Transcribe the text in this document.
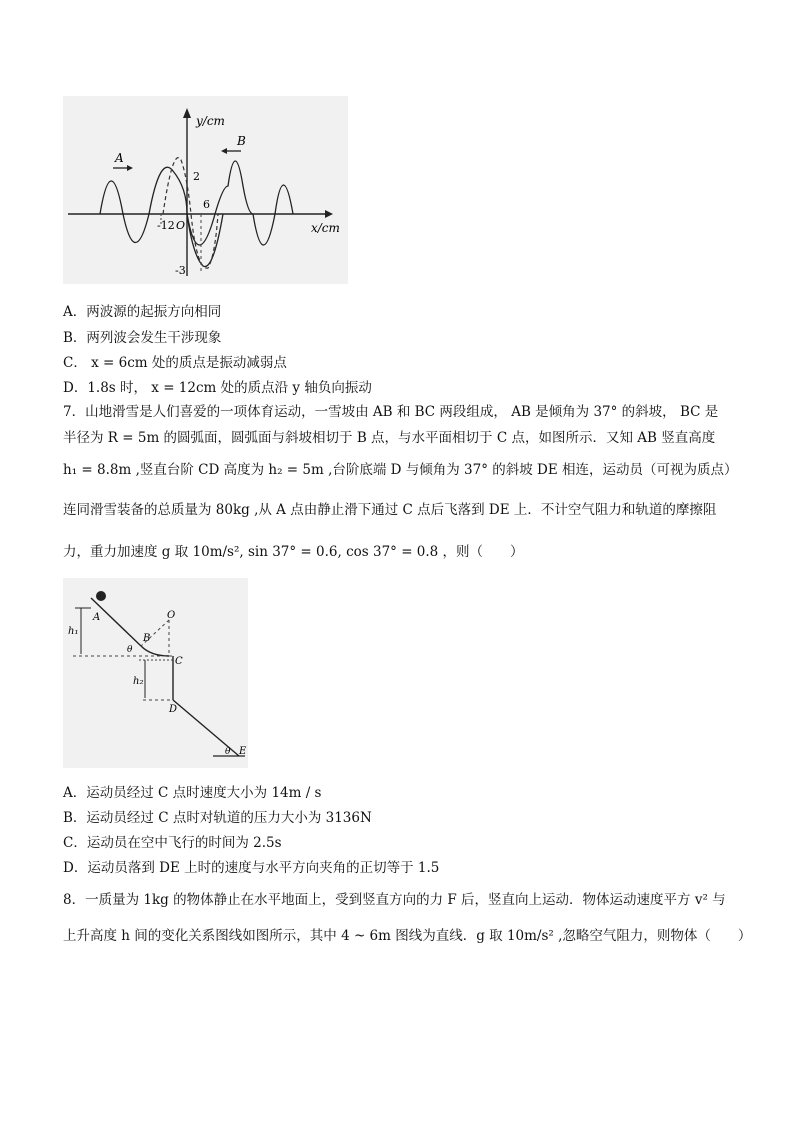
y/cm
x/cm
A
B
2
6
-12 O
-3
A．两波源的起振方向相同
B．两列波会发生干涉现象
C． x = 6cm 处的质点是振动减弱点
D．1.8s 时， x = 12cm 处的质点沿 y 轴负向振动
7．山地滑雪是人们喜爱的一项体育运动，一雪坡由 AB 和 BC 两段组成， AB 是倾角为 37° 的斜坡， BC 是
半径为 R = 5m 的圆弧面，圆弧面与斜坡相切于 B 点，与水平面相切于 C 点，如图所示．又知 AB 竖直高度
h₁ = 8.8m ,竖直台阶 CD 高度为 h₂ = 5m ,台阶底端 D 与倾角为 37° 的斜坡 DE 相连，运动员（可视为质点）
连同滑雪装备的总质量为 80kg ,从 A 点由静止滑下通过 C 点后飞落到 DE 上．不计空气阻力和轨道的摩擦阻
力，重力加速度 g 取 10m/s², sin 37° = 0.6, cos 37° = 0.8 ，则（　　）
A
B
C
D
E
O
h₁
h₂
θ
θ
A．运动员经过 C 点时速度大小为 14m / s
B．运动员经过 C 点时对轨道的压力大小为 3136N
C．运动员在空中飞行的时间为 2.5s
D．运动员落到 DE 上时的速度与水平方向夹角的正切等于 1.5
8．一质量为 1kg 的物体静止在水平地面上，受到竖直方向的力 F 后，竖直向上运动．物体运动速度平方 v² 与
上升高度 h 间的变化关系图线如图所示，其中 4 ~ 6m 图线为直线．g 取 10m/s² ,忽略空气阻力，则物体（　　）
